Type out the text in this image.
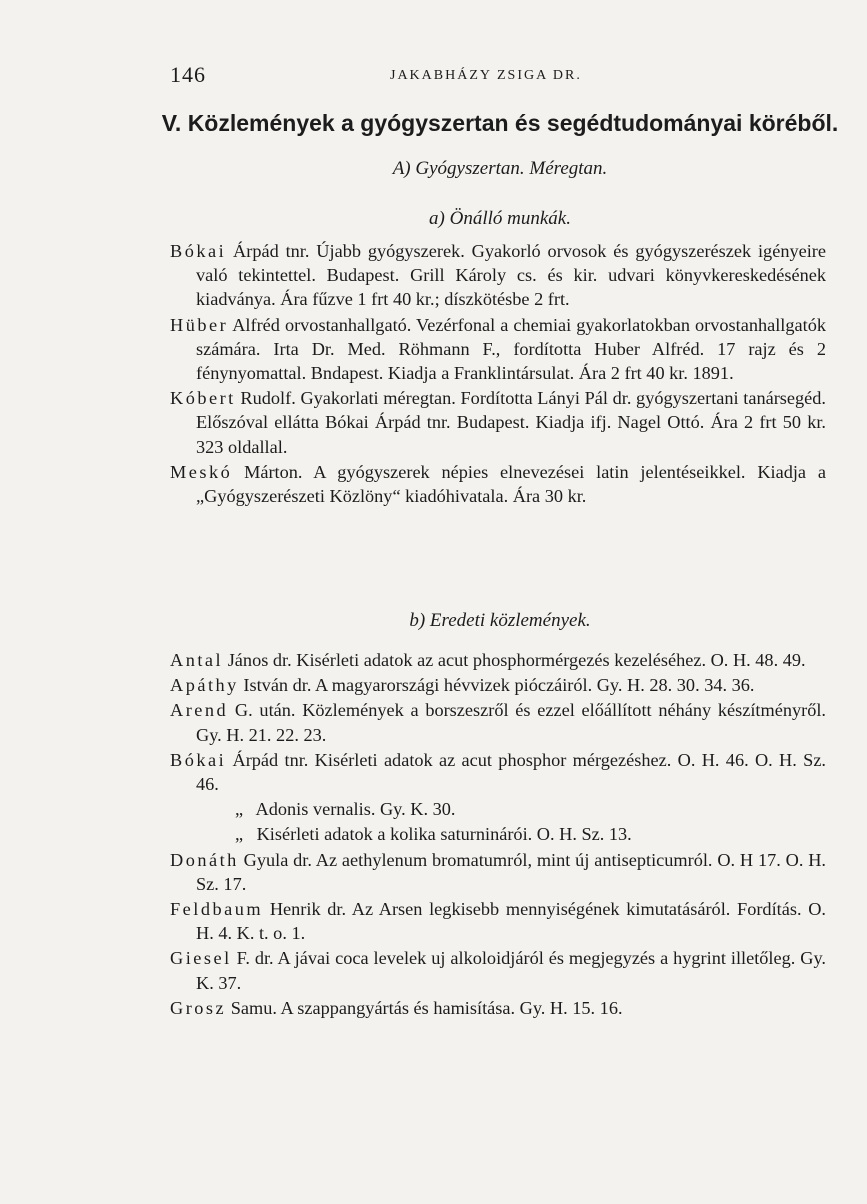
146	JAKABHÁZY ZSIGA DR.
V. Közlemények a gyógyszertan és segédtudományai köréből.
A) Gyógyszertan. Méregtan.
a) Önálló munkák.

Bókai Árpád tnr. Újabb gyógyszerek. Gyakorló orvosok és gyógyszerészek igényeire való tekintettel. Budapest. Grill Károly cs. és kir. udvari könyvkereskedésének kiadványa. Ára fűzve 1 frt 40 kr.; díszkötésbe 2 frt.

Hüber Alfréd orvostanhallgató. Vezérfonal a chemiai gyakorlatokban orvostanhallgatók számára. Irta Dr. Med. Röhmann F., fordította Huber Alfréd. 17 rajz és 2 fénynyomattal. Bndapest. Kiadja a Franklintársulat. Ára 2 frt 40 kr. 1891.

Kóbert Rudolf. Gyakorlati méregtan. Fordította Lányi Pál dr. gyógyszertani tanársegéd. Előszóval ellátta Bókai Árpád tnr. Budapest. Kiadja ifj. Nagel Ottó. Ára 2 frt 50 kr. 323 oldallal.

Meskó Márton. A gyógyszerek népies elnevezései latin jelentéseikkel. Kiadja a „Gyógyszerészeti Közlöny“ kiadóhivatala. Ára 30 kr.

b) Eredeti közlemények.

Antal János dr. Kisérleti adatok az acut phosphormérgezés kezeléséhez. O. H. 48. 49.

Apáthy István dr. A magyarországi hévvizek pióczáiról. Gy. H. 28. 30. 34. 36.

Arend G. után. Közlemények a borszeszről és ezzel előállított néhány készítményről. Gy. H. 21. 22. 23.

Bókai Árpád tnr. Kisérleti adatok az acut phosphor mérgezéshez. O. H. 46. O. H. Sz. 46.

„ Adonis vernalis. Gy. K. 30.

„ Kisérleti adatok a kolika saturninárói. O. H. Sz. 13.

Donáth Gyula dr. Az aethylenum bromatumról, mint új antisepticumról. O. H 17. O. H. Sz. 17.

Feldbaum Henrik dr. Az Arsen legkisebb mennyiségének kimutatásáról. Fordítás. O. H. 4. K. t. o. 1.

Giesel F. dr. A jávai coca levelek uj alkoloidjáról és megjegyzés a hygrint illetőleg. Gy. K. 37.

Grosz Samu. A szappangyártás és hamisítása. Gy. H. 15. 16.
